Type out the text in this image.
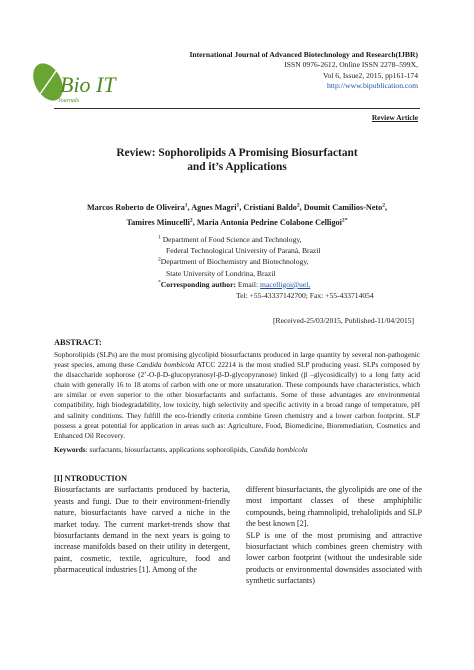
Bio IT
Journals
International Journal of Advanced Biotechnology and Research(IJBR)
ISSN 0976-2612, Online ISSN 2278–599X,
Vol 6, Issue2, 2015, pp161-174
http://www.bipublication.com
Review Article
Review: Sophorolipids A Promising Biosurfactant
and it’s Applications
Marcos Roberto de Oliveira$^1$, Agnes Magri$^1$, Cristiani Baldo$^2$, Doumit Camilios-Neto$^2$,
Tamires Minucelli$^2$, Maria Antonia Pedrine Colabone Celligoi$^{2*}$
$^1$ Department of Food Science and Technology,
Federal Technological University of Paraná, Brazil
$^2$Department of Biochemistry and Biotechnology,
State University of Londrina, Brazil
*Corresponding author: Email: macelligoi@uel,
Tel: +55-43337142700; Fax: +55-433714054
[Received-25/03/2015, Published-11/04/2015]
ABSTRACT:
Sophorolipids (SLPs) are the most promising glycolipid biosurfactants produced in large quantity by several non-pathogenic yeast species, among these Candida bombicola ATCC 22214 is the most studied SLP producing yeast. SLPs composed by the disaccharide sophorose (2’-O-β-D-glucopyranosyl-β-D-glycopyranose) linked (β –glycosidically) to a long fatty acid chain with generally 16 to 18 atoms of carbon with one or more unsaturation. These compounds have characteristics, which are similar or even superior to the other biosurfactants and surfactants. Some of these advantages are environmental compatibility, high biodegradability, low toxicity, high selectivity and specific activity in a broad range of temperature, pH and salinity conditions. They fulfill the eco-friendly criteria combine Green chemistry and a lower carbon footprint. SLP possess a great potential for application in areas such as: Agriculture, Food, Biomedicine, Bioremediation, Cosmetics and Enhanced Oil Recovery.
Keywords: surfactants, biosurfactants, applications sophorolipids, Candida bombicola
[I] NTRODUCTION

Biosurfactants are surfactants produced by bacteria, yeasts and fungi. Due to their environment-friendly nature, biosurfactants have carved a niche in the market today. The current market-trends show that biosurfactants demand in the next years is going to increase manifolds based on their utility in detergent, paint, cosmetic, textile, agriculture, food and pharmaceutical industries [1]. Among of the

different biosurfactants, the glycolipids are one of the most important classes of these amphiphilic compounds, being rhamnolipid, trehalolipids and SLP the best known [2].

SLP is one of the most promising and attractive biosurfactant which combines green chemistry with lower carbon footprint (without the undesirable side products or environmental downsides associated with synthetic surfactants)
